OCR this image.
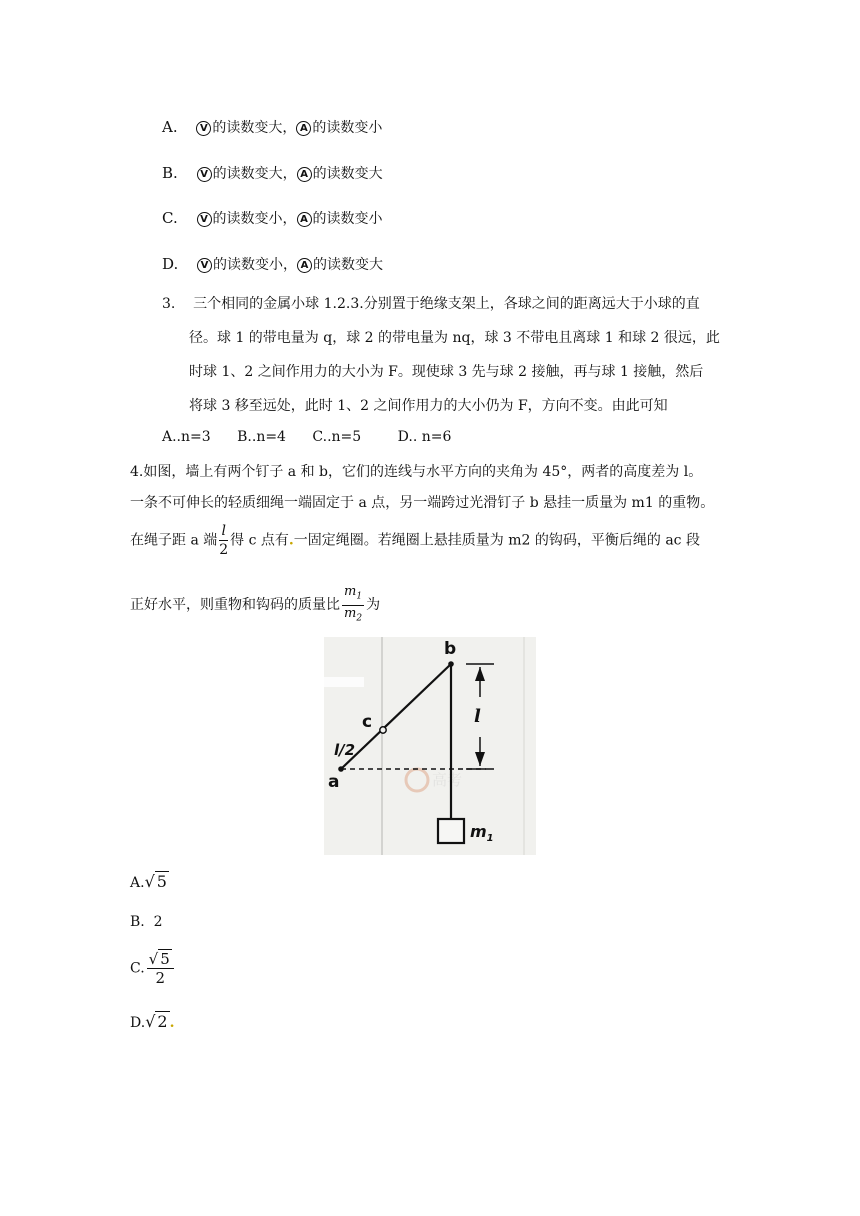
A. V 的读数变大， A 的读数变小
B. V 的读数变大， A 的读数变大
C. V 的读数变小， A 的读数变小
D. V 的读数变小， A 的读数变大
3. 三个相同的金属小球 1.2.3.分别置于绝缘支架上，各球之间的距离远大于小球的直
径。球 1 的带电量为 q，球 2 的带电量为 nq，球 3 不带电且离球 1 和球 2 很远，此
时球 1、2 之间作用力的大小为 F。现使球 3 先与球 2 接触，再与球 1 接触，然后
将球 3 移至远处，此时 1、2 之间作用力的大小仍为 F，方向不变。由此可知
A..n=3 B..n=4 C..n=5	D.. n=6
4.如图，墙上有两个钉子 a 和 b，它们的连线与水平方向的夹角为 45°，两者的高度差为 l。
一条不可伸长的轻质细绳一端固定于 a 点，另一端跨过光滑钉子 b 悬挂一质量为 m1 的重物。
在绳子距 a 端 $\frac{l}{2}$ 得 c 点有.一固定绳圈。若绳圈上悬挂质量为 m2 的钩码，平衡后绳的 ac 段
正好水平，则重物和钩码的质量比 $\frac{m_1}{m_2}$ 为
高考
b
c
a
l/2
l
$m_1$
A.√ 5
B. 2
C. $\frac{√ 5}{2}$
D.√ 2 .
